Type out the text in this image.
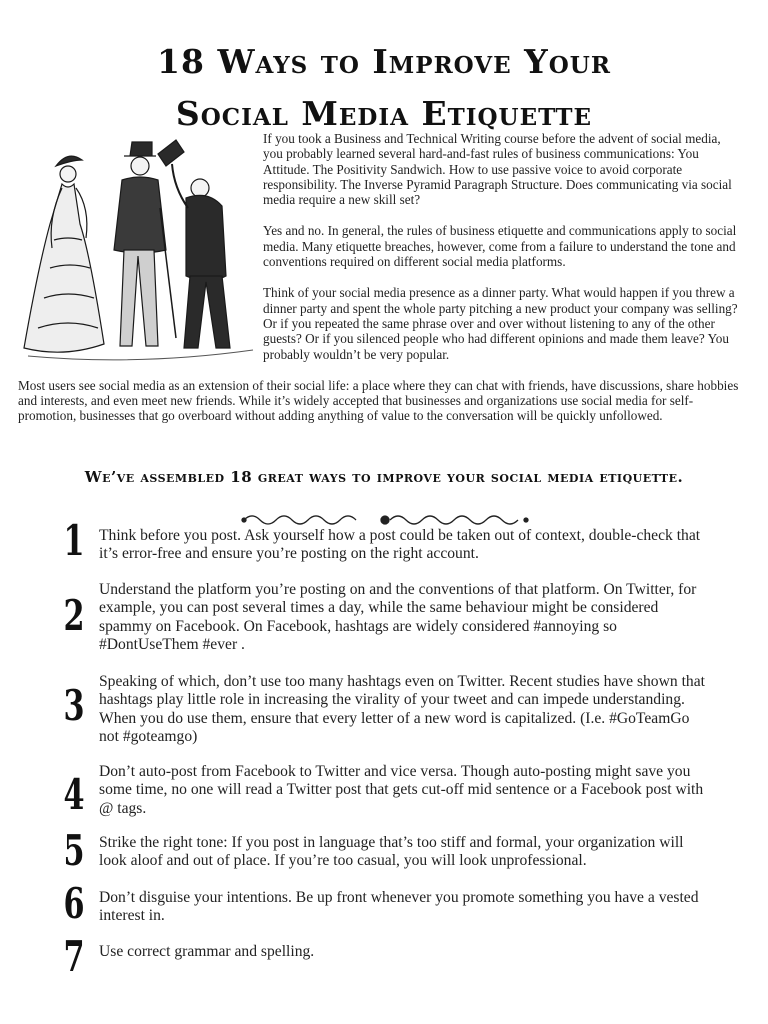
18 Ways to Improve Your
Social Media Etiquette

If you took a Business and Technical Writing course before the advent of social media, you probably learned several hard-and-fast rules of business communications: You Attitude. The Positivity Sandwich. How to use passive voice to avoid corporate responsibility. The Inverse Pyramid Paragraph Structure. Does communicating via social media require a new skill set?

Yes and no. In general, the rules of business etiquette and communications apply to social media. Many etiquette breaches, however, come from a failure to understand the tone and conventions required on different social media platforms.

Think of your social media presence as a dinner party. What would happen if you threw a dinner party and spent the whole party pitching a new product your company was selling? Or if you repeated the same phrase over and over without listening to any of the other guests? Or if you silenced people who had different opinions and made them leave? You probably wouldn’t be very popular.

Most users see social media as an extension of their social life: a place where they can chat with friends, have discussions, share hobbies and interests, and even meet new friends. While it’s widely accepted that businesses and organizations use social media for self-promotion, businesses that go overboard without adding anything of value to the conversation will be quickly unfollowed.

We’ve assembled 18 great ways to improve your social media etiquette.
1 Think before you post. Ask yourself how a post could be taken out of context, double-check that it’s error-free and ensure you’re posting on the right account.
2
Understand the platform you’re posting on and the conventions of that platform. On Twitter, for example, you can post several times a day, while the same behaviour might be considered spammy on Facebook. On Facebook, hashtags are widely considered #annoying so #DontUseThem #ever .
3 Speaking of which, don’t use too many hashtags even on Twitter. Recent studies have shown that hashtags play little role in increasing the virality of your tweet and can impede understanding. When you do use them, ensure that every letter of a new word is capitalized. (I.e. #GoTeamGo not #goteamgo)
4 Don’t auto-post from Facebook to Twitter and vice versa. Though auto-posting might save you some time, no one will read a Twitter post that gets cut-off mid sentence or a Facebook post with @ tags.
5 Strike the right tone: If you post in language that’s too stiff and formal, your organization will look aloof and out of place. If you’re too casual, you will look unprofessional.
6 Don’t disguise your intentions. Be up front whenever you promote something you have a vested interest in.
7 Use correct grammar and spelling.
